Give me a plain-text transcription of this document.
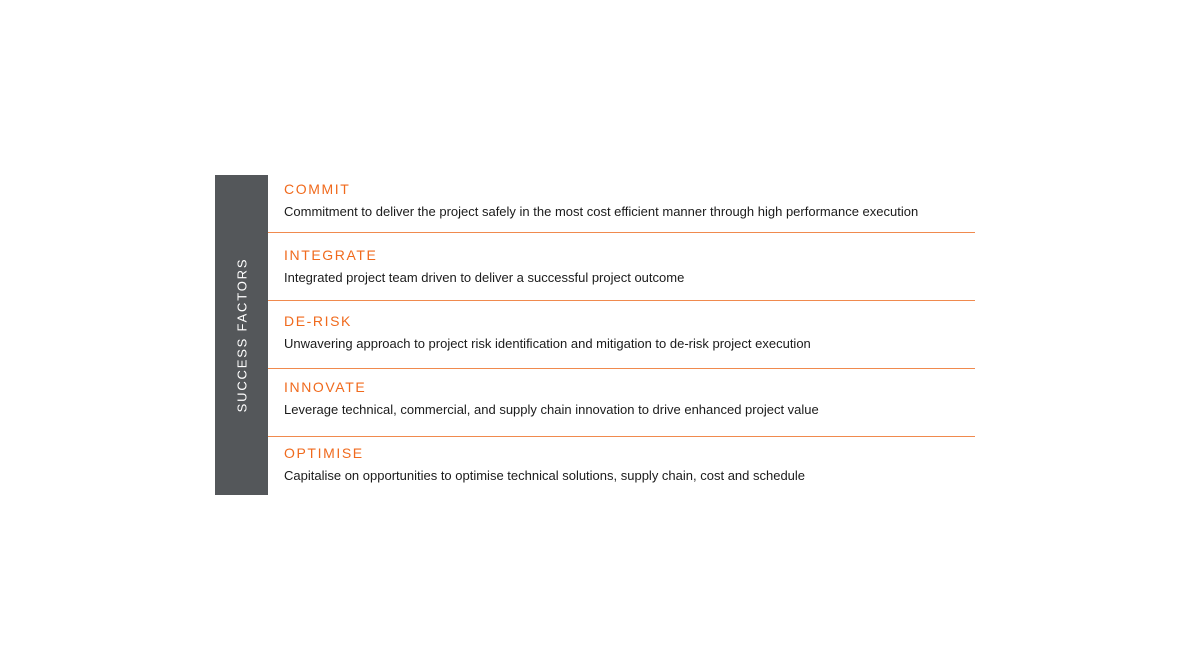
SUCCESS FACTORS
COMMIT
Commitment to deliver the project safely in the most cost efficient manner through high performance execution
INTEGRATE
Integrated project team driven to deliver a successful project outcome
DE-RISK
Unwavering approach to project risk identification and mitigation to de-risk project execution
INNOVATE
Leverage technical, commercial, and supply chain innovation to drive enhanced project value
OPTIMISE
Capitalise on opportunities to optimise technical solutions, supply chain, cost and schedule
